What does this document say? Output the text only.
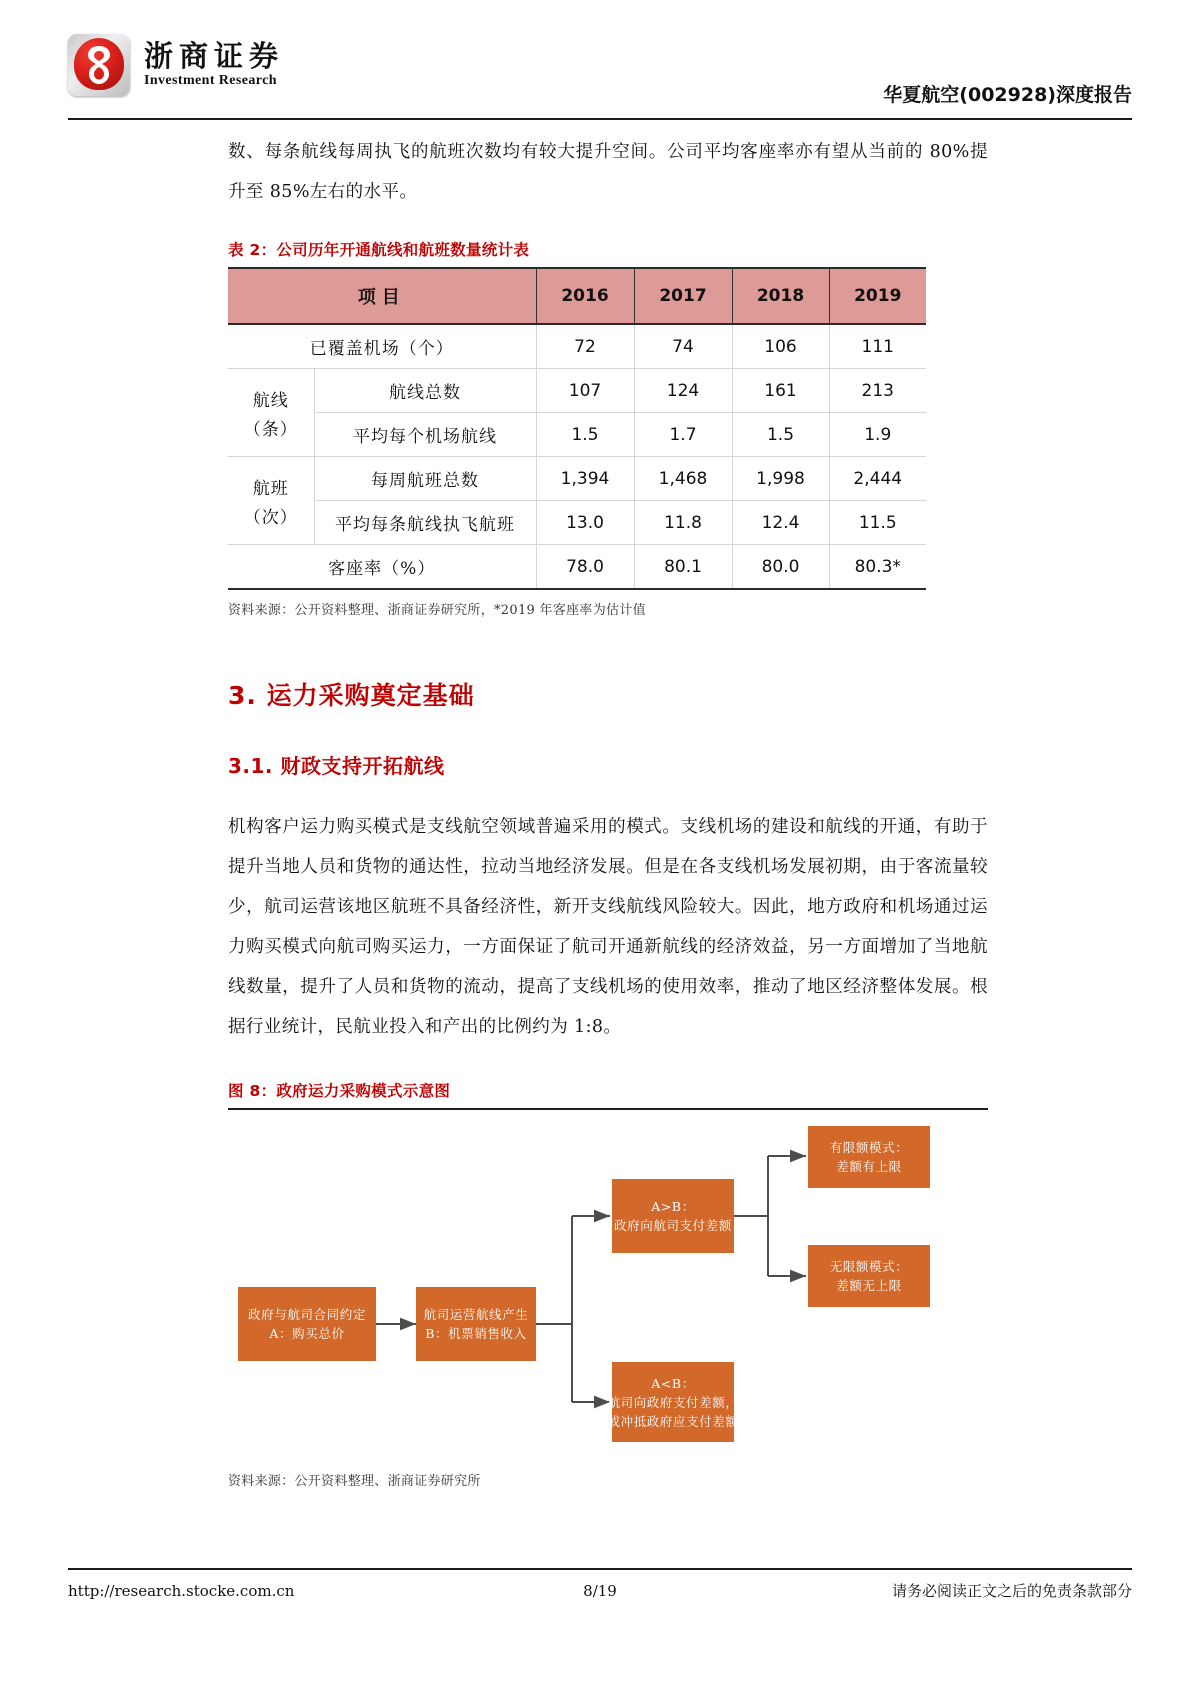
浙商证券
Investment Research
华夏航空(002928)深度报告

数、每条航线每周执飞的航班次数均有较大提升空间。公司平均客座率亦有望从当前的 80%提升至 85%左右的水平。

表 2：公司历年开通航线和航班数量统计表
项目		2016	2017	2018	2019
已覆盖机场（个）		72	74	106	111

航线
（条）	航线总数	107	124	161	213
	平均每个机场航线	1.5	1.7	1.5	1.9

航班
（次）	每周航班总数	1,394	1,468	1,998	2,444
	平均每条航线执飞航班	13.0	11.8	12.4	11.5
客座率（%）		78.0	80.1	80.0	80.3*
资料来源：公开资料整理、浙商证券研究所，*2019 年客座率为估计值
3. 运力采购奠定基础
3.1. 财政支持开拓航线

机构客户运力购买模式是支线航空领域普遍采用的模式。支线机场的建设和航线的开通，有助于提升当地人员和货物的通达性，拉动当地经济发展。但是在各支线机场发展初期，由于客流量较少，航司运营该地区航班不具备经济性，新开支线航线风险较大。因此，地方政府和机场通过运力购买模式向航司购买运力，一方面保证了航司开通新航线的经济效益，另一方面增加了当地航线数量，提升了人员和货物的流动，提高了支线机场的使用效率，推动了地区经济整体发展。根据行业统计，民航业投入和产出的比例约为 1:8。

图 8：政府运力采购模式示意图
政府与航司合同约定
A：购买总价
航司运营航线产生
B：机票销售收入
A>B：
政府向航司支付差额
A<B：
航司向政府支付差额，
或冲抵政府应支付差额
有限额模式：
差额有上限
无限额模式：
差额无上限
资料来源：公开资料整理、浙商证券研究所
http://research.stocke.com.cn	8/19	请务必阅读正文之后的免责条款部分
